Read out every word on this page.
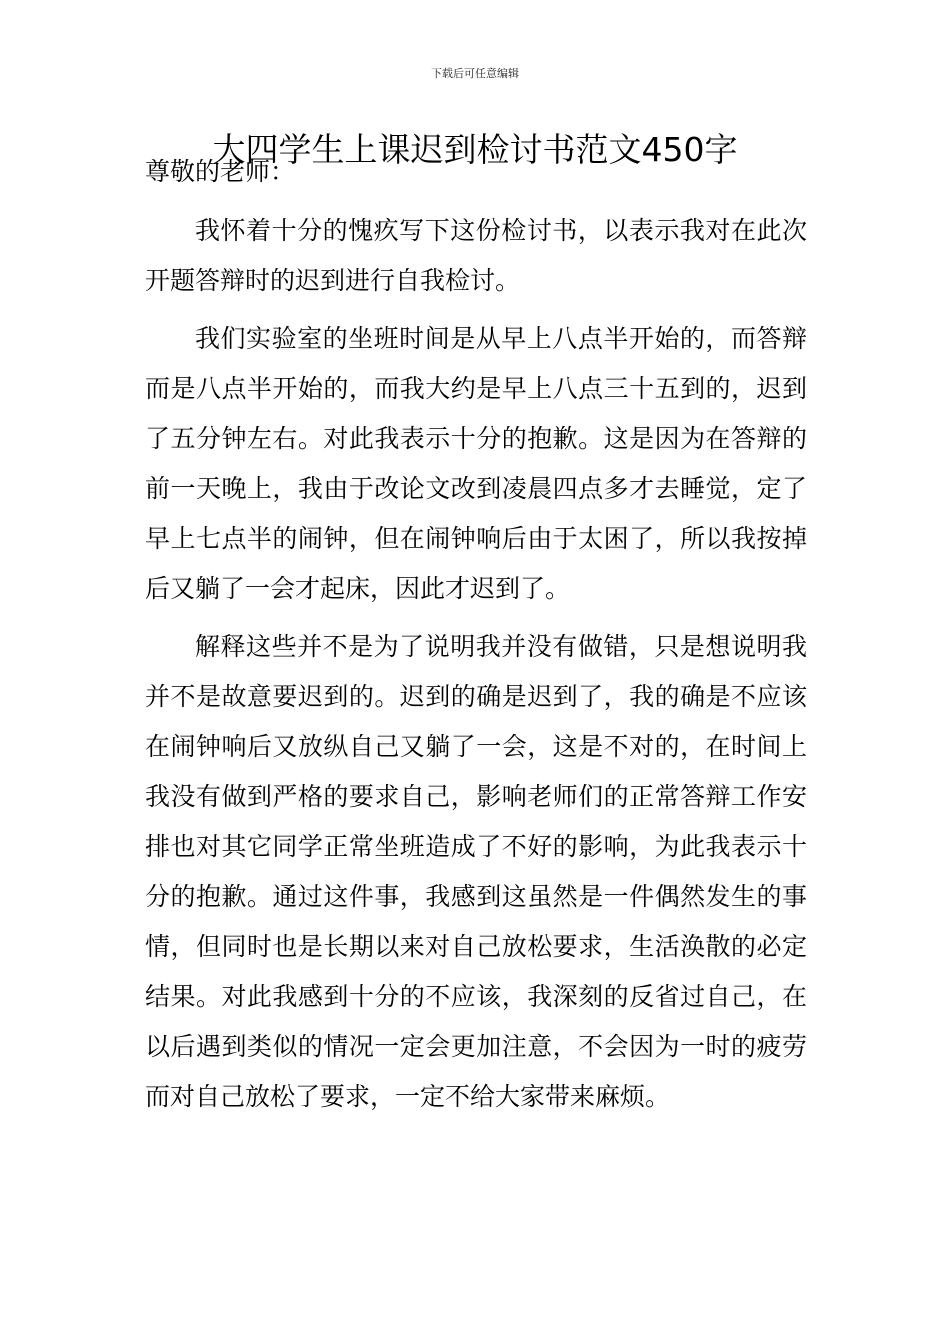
下载后可任意编辑
大四学生上课迟到检讨书范文450字

尊敬的老师：

我怀着十分的愧疚写下这份检讨书，以表示我对在此次开题答辩时的迟到进行自我检讨。

我们实验室的坐班时间是从早上八点半开始的，而答辩而是八点半开始的，而我大约是早上八点三十五到的，迟到了五分钟左右。对此我表示十分的抱歉。这是因为在答辩的前一天晚上，我由于改论文改到凌晨四点多才去睡觉，定了早上七点半的闹钟，但在闹钟响后由于太困了，所以我按掉后又躺了一会才起床，因此才迟到了。

解释这些并不是为了说明我并没有做错，只是想说明我并不是故意要迟到的。迟到的确是迟到了，我的确是不应该在闹钟响后又放纵自己又躺了一会，这是不对的，在时间上我没有做到严格的要求自己，影响老师们的正常答辩工作安排也对其它同学正常坐班造成了不好的影响，为此我表示十分的抱歉。通过这件事，我感到这虽然是一件偶然发生的事情，但同时也是长期以来对自己放松要求，生活涣散的必定结果。对此我感到十分的不应该，我深刻的反省过自己，在以后遇到类似的情况一定会更加注意，不会因为一时的疲劳而对自己放松了要求，一定不给大家带来麻烦。
